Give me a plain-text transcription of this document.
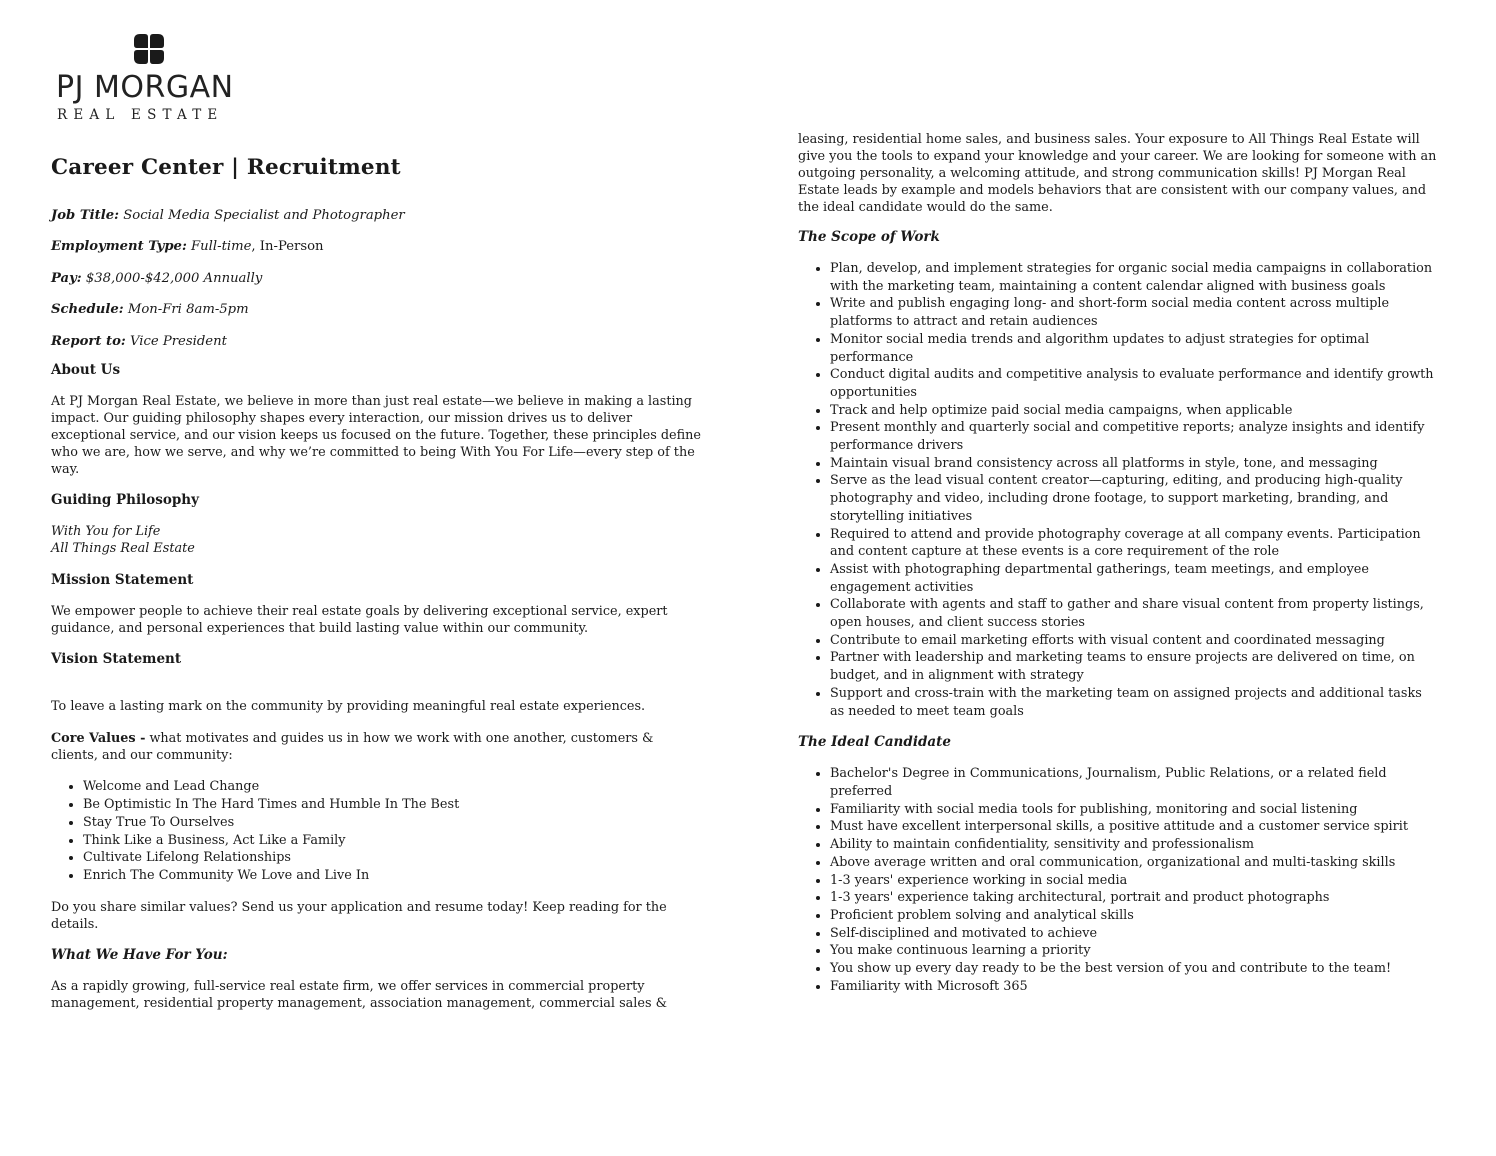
PJ MORGAN
REAL ESTATE
Career Center | Recruitment
Job Title: Social Media Specialist and Photographer
Employment Type: Full-time, In-Person
Pay: $38,000-$42,000 Annually
Schedule: Mon-Fri 8am-5pm
Report to: Vice President
About Us
At PJ Morgan Real Estate, we believe in more than just real estate—we believe in making a lasting impact. Our guiding philosophy shapes every interaction, our mission drives us to deliver exceptional service, and our vision keeps us focused on the future. Together, these principles define who we are, how we serve, and why we’re committed to being With You For Life—every step of the way.
Guiding Philosophy
With You for Life
All Things Real Estate
Mission Statement
We empower people to achieve their real estate goals by delivering exceptional service, expert guidance, and personal experiences that build lasting value within our community.
Vision Statement
To leave a lasting mark on the community by providing meaningful real estate experiences.
Core Values - what motivates and guides us in how we work with one another, customers & clients, and our community:
• Welcome and Lead Change
• Be Optimistic In The Hard Times and Humble In The Best
• Stay True To Ourselves
• Think Like a Business, Act Like a Family
• Cultivate Lifelong Relationships
• Enrich The Community We Love and Live In
Do you share similar values? Send us your application and resume today! Keep reading for the details.
What We Have For You:
As a rapidly growing, full-service real estate firm, we offer services in commercial property management, residential property management, association management, commercial sales &
leasing, residential home sales, and business sales. Your exposure to All Things Real Estate will give you the tools to expand your knowledge and your career. We are looking for someone with an outgoing personality, a welcoming attitude, and strong communication skills! PJ Morgan Real Estate leads by example and models behaviors that are consistent with our company values, and the ideal candidate would do the same.
The Scope of Work
• Plan, develop, and implement strategies for organic social media campaigns in collaboration with the marketing team, maintaining a content calendar aligned with business goals
• Write and publish engaging long- and short-form social media content across multiple platforms to attract and retain audiences
• Monitor social media trends and algorithm updates to adjust strategies for optimal performance
• Conduct digital audits and competitive analysis to evaluate performance and identify growth opportunities
• Track and help optimize paid social media campaigns, when applicable
• Present monthly and quarterly social and competitive reports; analyze insights and identify performance drivers
• Maintain visual brand consistency across all platforms in style, tone, and messaging
• Serve as the lead visual content creator—capturing, editing, and producing high-quality photography and video, including drone footage, to support marketing, branding, and storytelling initiatives
• Required to attend and provide photography coverage at all company events. Participation and content capture at these events is a core requirement of the role
• Assist with photographing departmental gatherings, team meetings, and employee engagement activities
• Collaborate with agents and staff to gather and share visual content from property listings, open houses, and client success stories
• Contribute to email marketing efforts with visual content and coordinated messaging
• Partner with leadership and marketing teams to ensure projects are delivered on time, on budget, and in alignment with strategy
• Support and cross-train with the marketing team on assigned projects and additional tasks as needed to meet team goals
The Ideal Candidate
• Bachelor's Degree in Communications, Journalism, Public Relations, or a related field preferred
• Familiarity with social media tools for publishing, monitoring and social listening
• Must have excellent interpersonal skills, a positive attitude and a customer service spirit
• Ability to maintain confidentiality, sensitivity and professionalism
• Above average written and oral communication, organizational and multi-tasking skills
• 1-3 years' experience working in social media
• 1-3 years' experience taking architectural, portrait and product photographs
• Proficient problem solving and analytical skills
• Self-disciplined and motivated to achieve
• You make continuous learning a priority
• You show up every day ready to be the best version of you and contribute to the team!
• Familiarity with Microsoft 365
